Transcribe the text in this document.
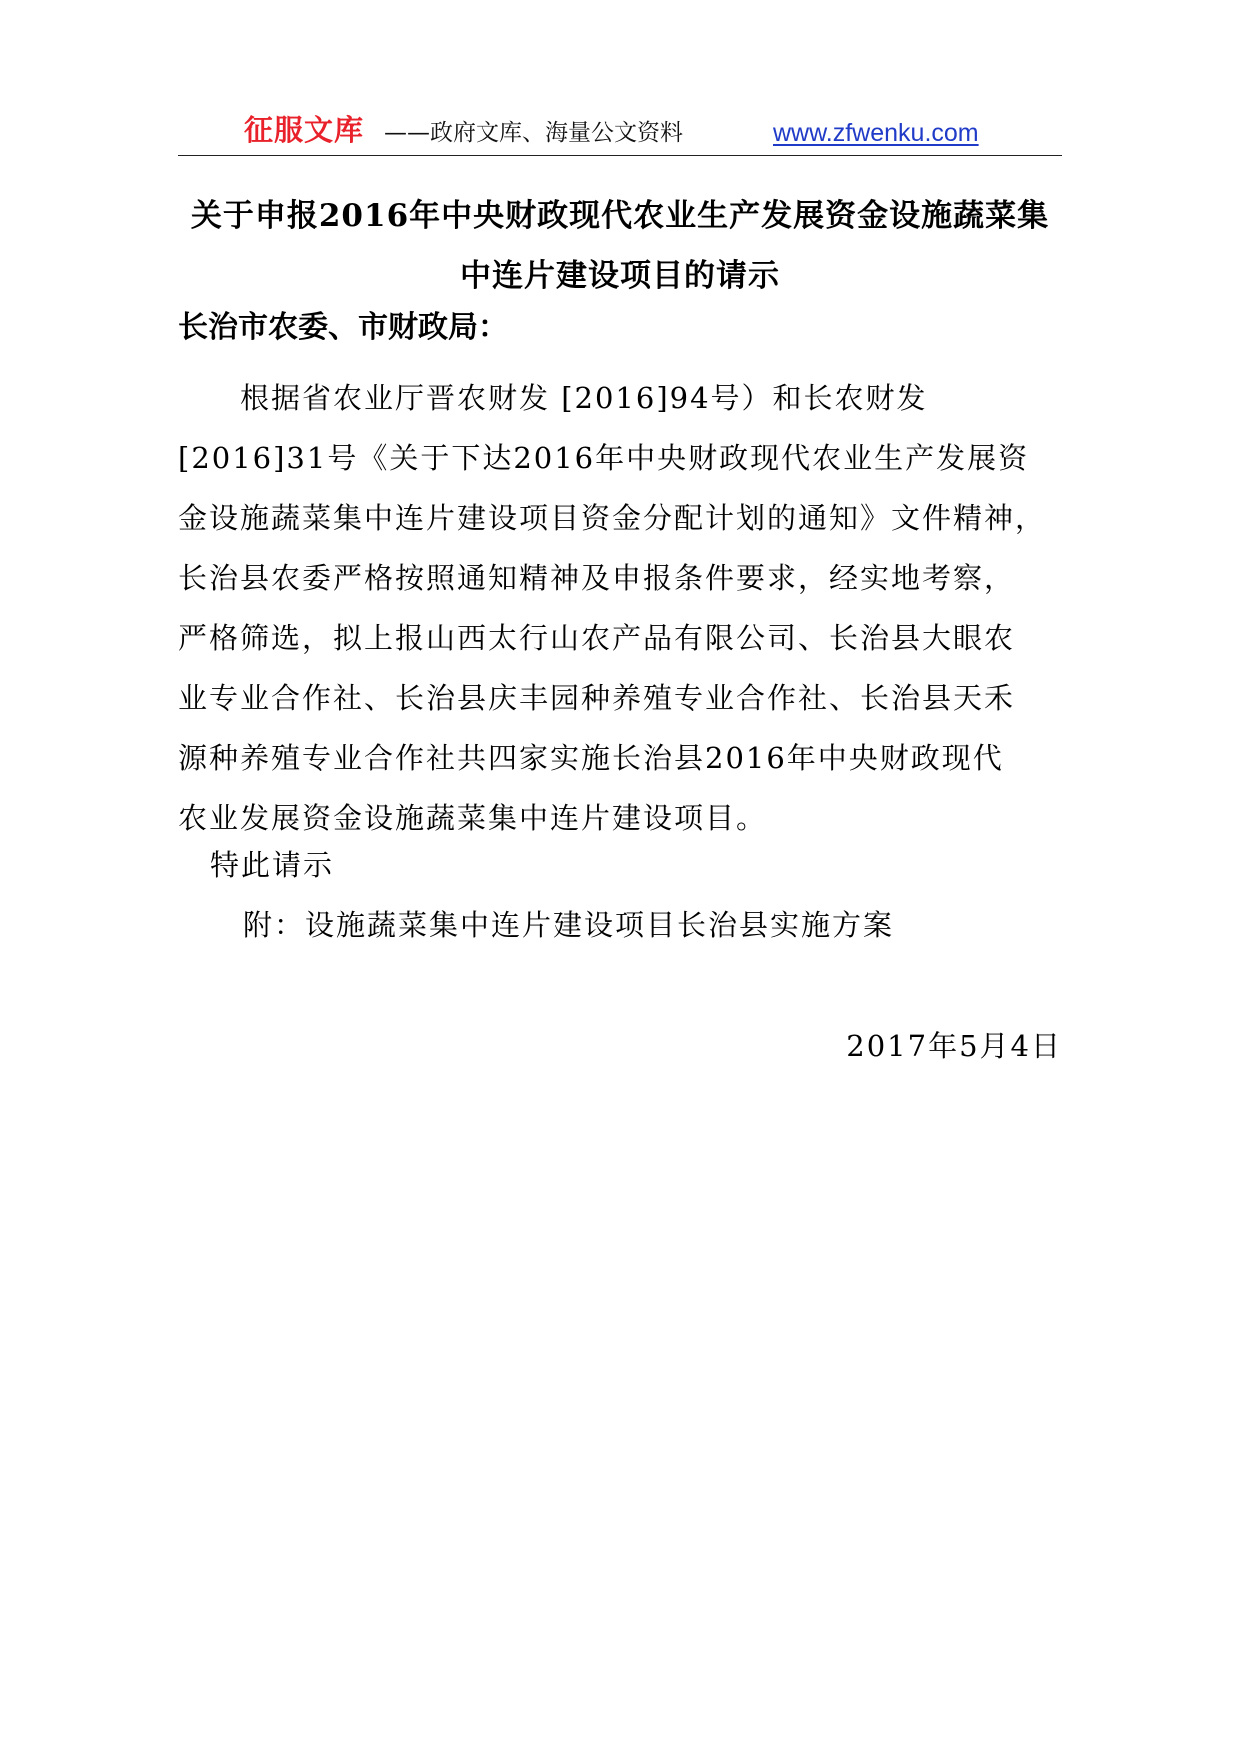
征服文库 ——政府文库、海量公文资料	www.zfwenku.com
关于申报2016年中央财政现代农业生产发展资金设施蔬菜集
中连片建设项目的请示
长治市农委、市财政局：
　　根据省农业厅晋农财发 [2016]94号）和长农财发
[2016]31号《关于下达2016年中央财政现代农业生产发展资
金设施蔬菜集中连片建设项目资金分配计划的通知》文件精神，
长治县农委严格按照通知精神及申报条件要求，经实地考察，
严格筛选，拟上报山西太行山农产品有限公司、长治县大眼农
业专业合作社、长治县庆丰园种养殖专业合作社、长治县天禾
源种养殖专业合作社共四家实施长治县2016年中央财政现代
农业发展资金设施蔬菜集中连片建设项目。
特此请示
附：设施蔬菜集中连片建设项目长治县实施方案
2017年5月4日
